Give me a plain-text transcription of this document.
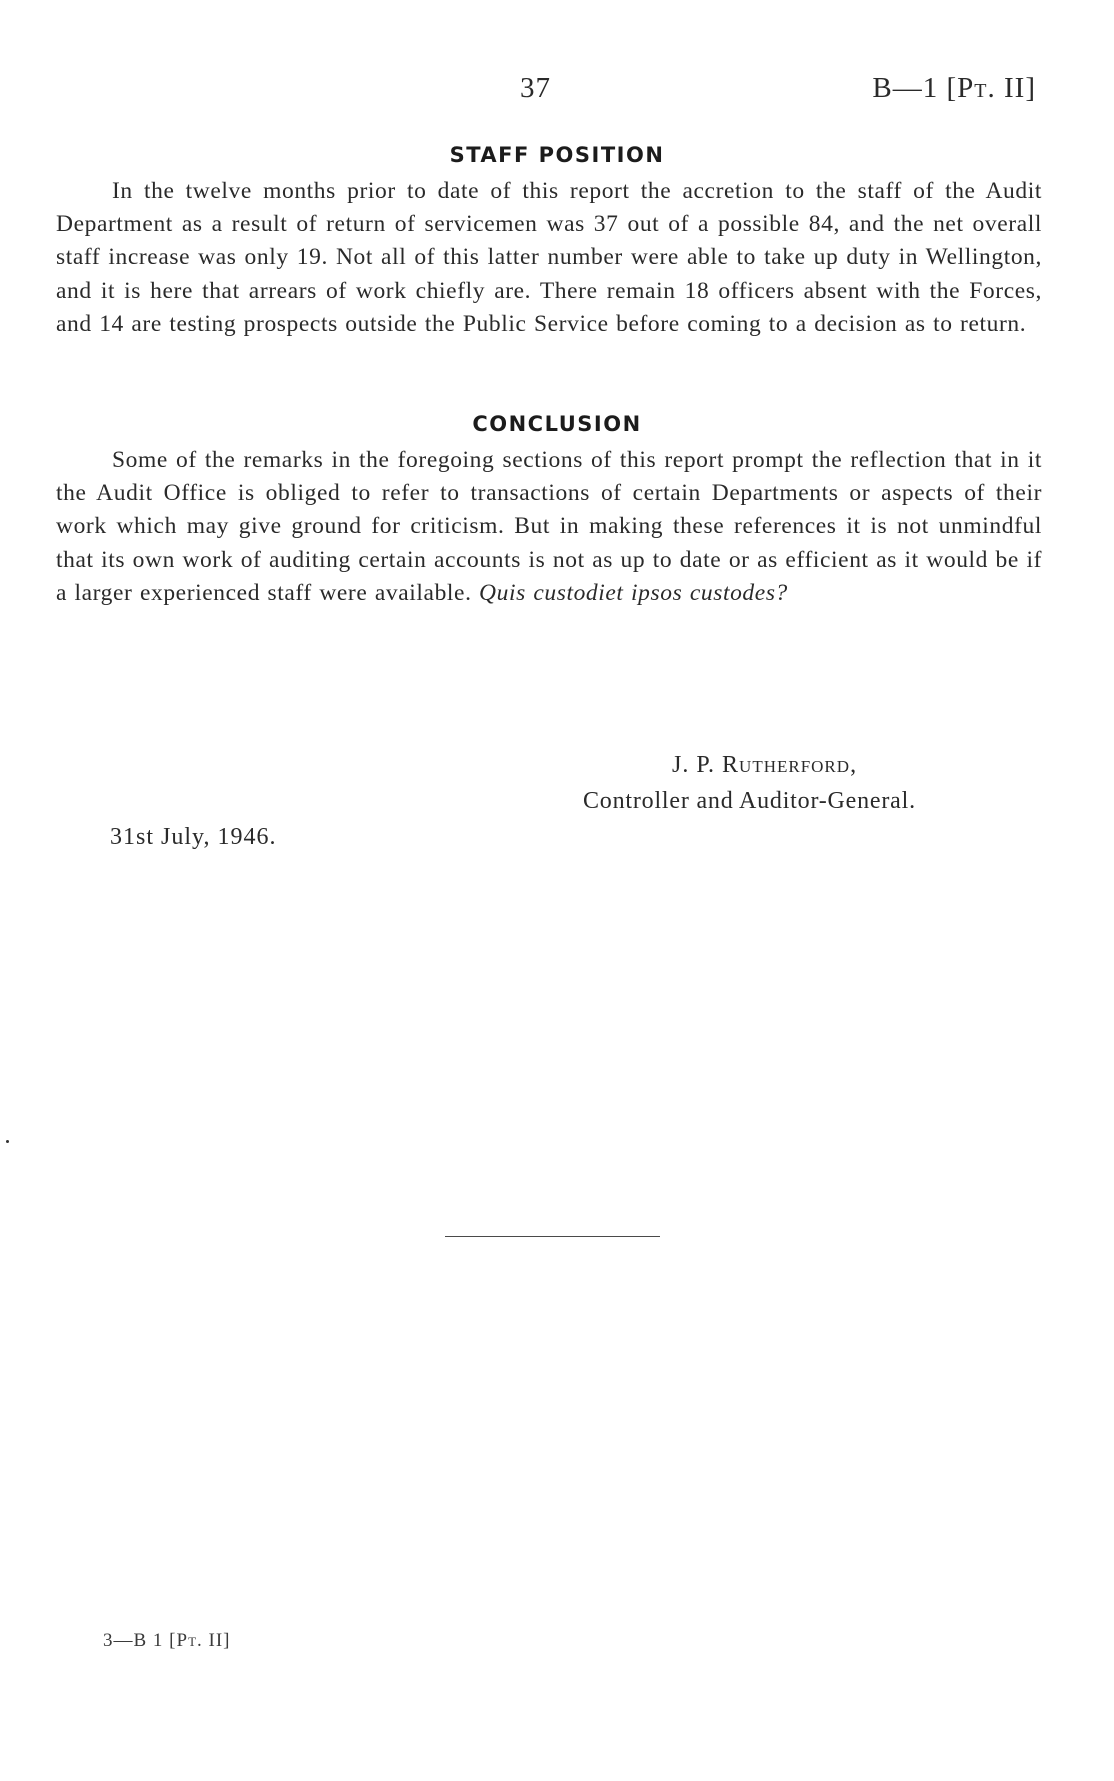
37	B—1 [Pt. II]
STAFF POSITION

In the twelve months prior to date of this report the accretion to the staff of the Audit Department as a result of return of servicemen was 37 out of a possible 84, and the net overall staff increase was only 19. Not all of this latter number were able to take up duty in Wellington, and it is here that arrears of work chiefly are. There remain 18 officers absent with the Forces, and 14 are testing prospects outside the Public Service before coming to a decision as to return.

CONCLUSION

Some of the remarks in the foregoing sections of this report prompt the reflection that in it the Audit Office is obliged to refer to transactions of certain Departments or aspects of their work which may give ground for criticism. But in making these references it is not unmindful that its own work of auditing certain accounts is not as up to date or as efficient as it would be if a larger experienced staff were available. Quis custodiet ipsos custodes?

J. P. Rutherford,
Controller and Auditor-General.
31st July, 1946.
3—B 1 [Pt. II]
